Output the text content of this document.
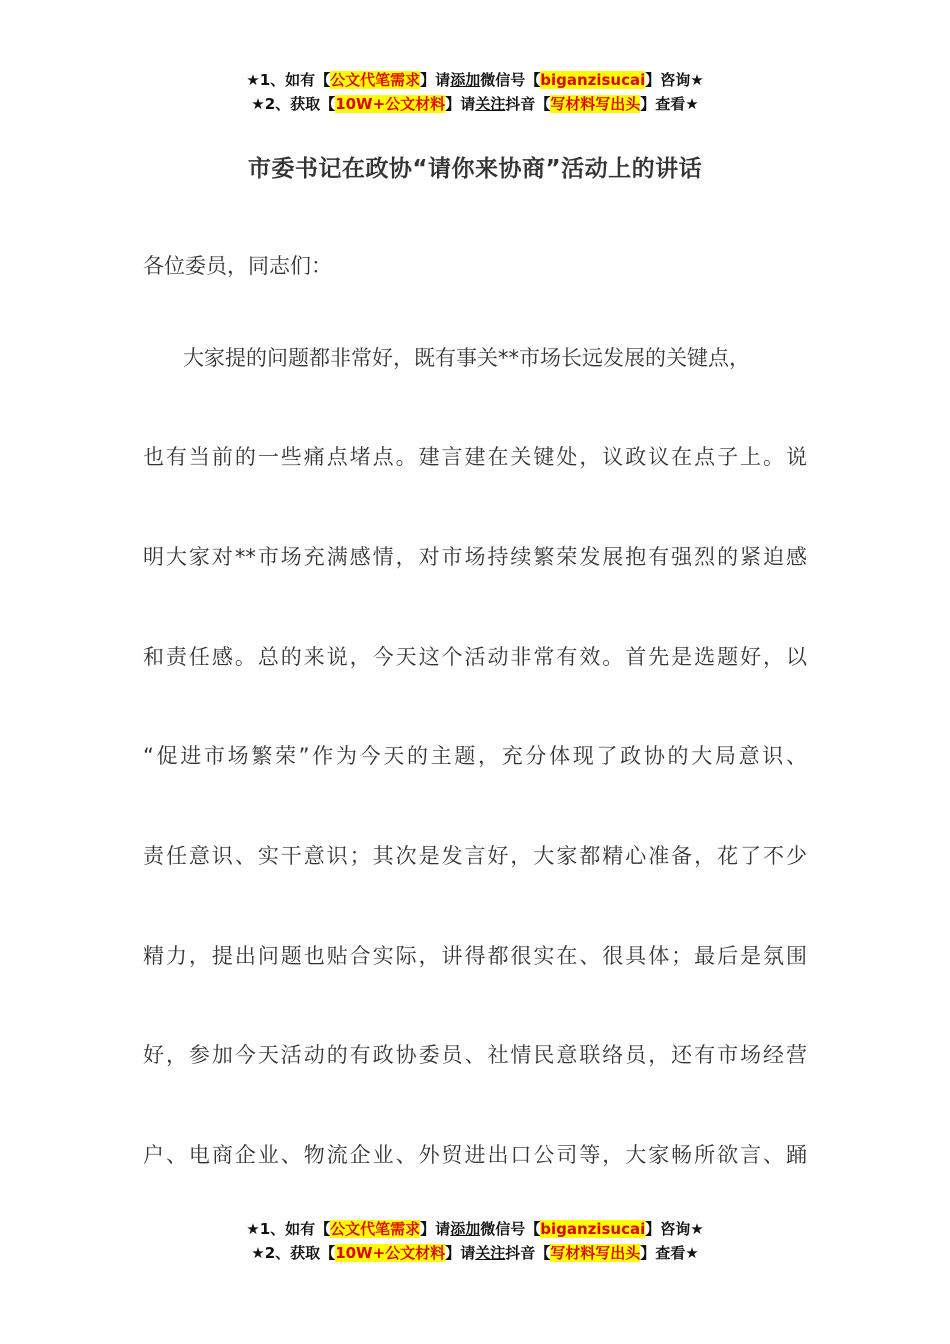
★1、如有【公文代笔需求】请添加微信号【biganzisucai】咨询★
★2、获取【10W+公文材料】请关注抖音【写材料写出头】查看★
市委书记在政协“请你来协商”活动上的讲话
各位委员，同志们：
大家提的问题都非常好，既有事关**市场长远发展的关键点，
也有当前的一些痛点堵点。建言建在关键处，议政议在点子上。说
明大家对**市场充满感情，对市场持续繁荣发展抱有强烈的紧迫感
和责任感。总的来说，今天这个活动非常有效。首先是选题好，以
“促进市场繁荣”作为今天的主题，充分体现了政协的大局意识、
责任意识、实干意识；其次是发言好，大家都精心准备，花了不少
精力，提出问题也贴合实际，讲得都很实在、很具体；最后是氛围
好，参加今天活动的有政协委员、社情民意联络员，还有市场经营
户、电商企业、物流企业、外贸进出口公司等，大家畅所欲言、踊
★1、如有【公文代笔需求】请添加微信号【biganzisucai】咨询★
★2、获取【10W+公文材料】请关注抖音【写材料写出头】查看★
